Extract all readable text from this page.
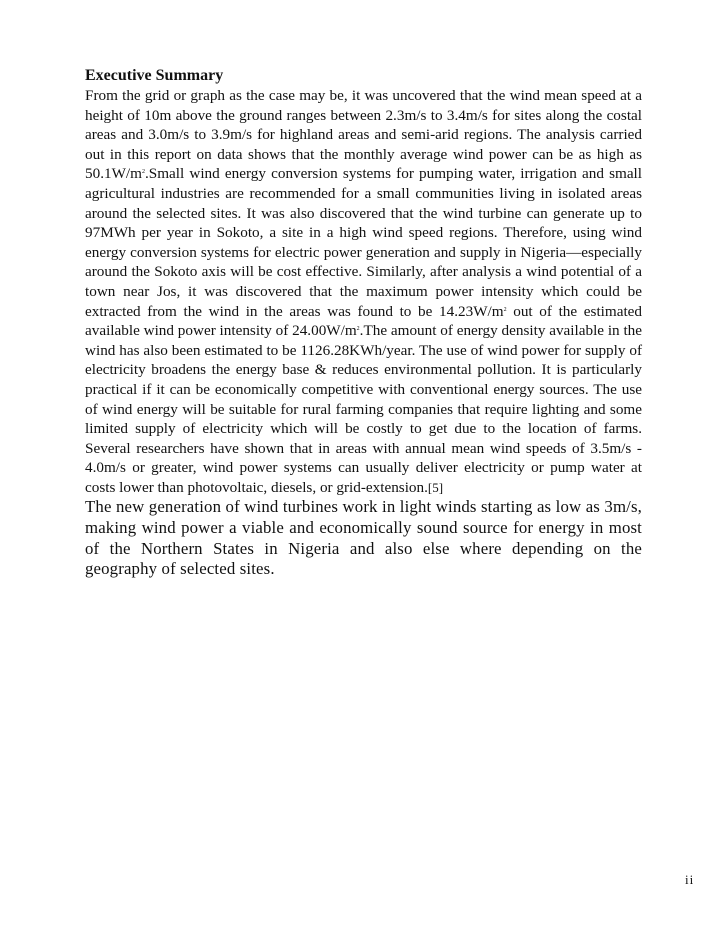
Executive Summary

From the grid or graph as the case may be, it was uncovered that the wind mean speed at a height of 10m above the ground ranges between 2.3m/s to 3.4m/s for sites along the costal areas and 3.0m/s to 3.9m/s for highland areas and semi-arid regions. The analysis carried out in this report on data shows that the monthly average wind power can be as high as $50.1W/m^2.Small$ wind energy conversion systems for pumping water, irrigation and small agricultural industries are recommended for a small communities living in isolated areas around the selected sites. It was also discovered that the wind turbine can generate up to 97MWh per year in Sokoto, a site in a high wind speed regions. Therefore, using wind energy conversion systems for electric power generation and supply in Nigeria—especially around the Sokoto axis will be cost effective. Similarly, after analysis a wind potential of a town near Jos, it was discovered that the maximum power intensity which could be extracted from the wind in the areas was found to be $14.23W/m^2$ out of the estimated available wind power intensity of $24.00W/m^2.The$ amount of energy density available in the wind has also been estimated to be 1126.28KWh/year. The use of wind power for supply of electricity broadens the energy base & reduces environmental pollution. It is particularly practical if it can be economically competitive with conventional energy sources. The use of wind energy will be suitable for rural farming companies that require lighting and some limited supply of electricity which will be costly to get due to the location of farms. Several researchers have shown that in areas with annual mean wind speeds of 3.5m/s - 4.0m/s or greater, wind power systems can usually deliver electricity or pump water at costs lower than photovoltaic, diesels, or grid-extension.[5]

The new generation of wind turbines work in light winds starting as low as 3m/s, making wind power a viable and economically sound source for energy in most of the Northern States in Nigeria and also else where depending on the geography of selected sites.

ii
